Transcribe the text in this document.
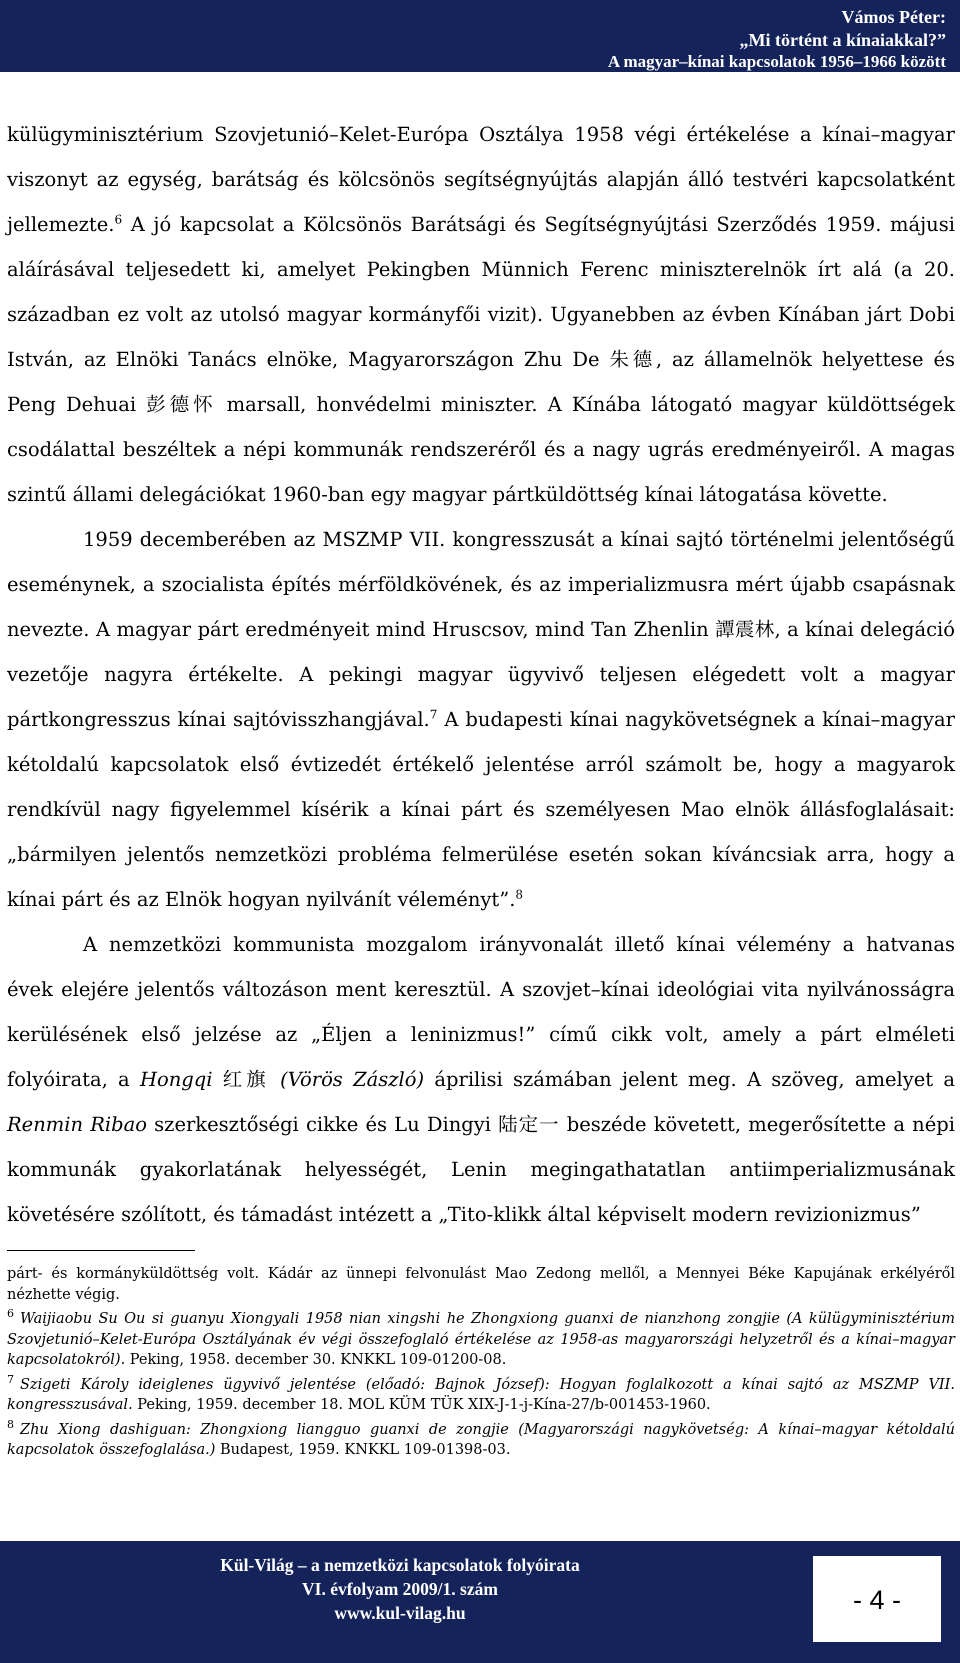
Vámos Péter:
„Mi történt a kínaiakkal?”
A magyar–kínai kapcsolatok 1956–1966 között

külügyminisztérium Szovjetunió–Kelet-Európa Osztálya 1958 végi értékelése a kínai–magyar viszonyt az egység, barátság és kölcsönös segítségnyújtás alapján álló testvéri kapcsolatként jellemezte.$^6$ A jó kapcsolat a Kölcsönös Barátsági és Segítségnyújtási Szerződés 1959. májusi aláírásával teljesedett ki, amelyet Pekingben Münnich Ferenc miniszterelnök írt alá (a 20. században ez volt az utolsó magyar kormányfői vizit). Ugyanebben az évben Kínában járt Dobi István, az Elnöki Tanács elnöke, Magyarországon Zhu De 朱德, az államelnök helyettese és Peng Dehuai 彭德怀 marsall, honvédelmi miniszter. A Kínába látogató magyar küldöttségek csodálattal beszéltek a népi kommunák rendszeréről és a nagy ugrás eredményeiről. A magas szintű állami delegációkat 1960-ban egy magyar pártküldöttség kínai látogatása követte.

1959 decemberében az MSZMP VII. kongresszusát a kínai sajtó történelmi jelentőségű eseménynek, a szocialista építés mérföldkövének, és az imperializmusra mért újabb csapásnak nevezte. A magyar párt eredményeit mind Hruscsov, mind Tan Zhenlin 譚震林, a kínai delegáció vezetője nagyra értékelte. A pekingi magyar ügyvivő teljesen elégedett volt a magyar pártkongresszus kínai sajtóvisszhangjával.$^7$ A budapesti kínai nagykövetségnek a kínai–magyar kétoldalú kapcsolatok első évtizedét értékelő jelentése arról számolt be, hogy a magyarok rendkívül nagy figyelemmel kísérik a kínai párt és személyesen Mao elnök állásfoglalásait: „bármilyen jelentős nemzetközi probléma felmerülése esetén sokan kíváncsiak arra, hogy a kínai párt és az Elnök hogyan nyilvánít véleményt”.$^8$

A nemzetközi kommunista mozgalom irányvonalát illető kínai vélemény a hatvanas évek elejére jelentős változáson ment keresztül. A szovjet–kínai ideológiai vita nyilvánosságra kerülésének első jelzése az „Éljen a leninizmus!” című cikk volt, amely a párt elméleti folyóirata, a Hongqi 红旗 (Vörös Zászló) áprilisi számában jelent meg. A szöveg, amelyet a Renmin Ribao szerkesztőségi cikke és Lu Dingyi 陆定一 beszéde követett, megerősítette a népi kommunák gyakorlatának helyességét, Lenin megingathatatlan antiimperializmusának követésére szólított, és támadást intézett a „Tito-klikk által képviselt modern revizionizmus”

párt- és kormányküldöttség volt. Kádár az ünnepi felvonulást Mao Zedong mellől, a Mennyei Béke Kapujának erkélyéről nézhette végig.

$^6$ Waijiaobu Su Ou si guanyu Xiongyali 1958 nian xingshi he Zhongxiong guanxi de nianzhong zongjie (A külügyminisztérium Szovjetunió–Kelet-Európa Osztályának év végi összefoglaló értékelése az 1958-as magyarországi helyzetről és a kínai–magyar kapcsolatokról). Peking, 1958. december 30. KNKKL 109-01200-08.

$^7$ Szigeti Károly ideiglenes ügyvivő jelentése (előadó: Bajnok József): Hogyan foglalkozott a kínai sajtó az MSZMP VII. kongresszusával. Peking, 1959. december 18. MOL KÜM TÜK XIX-J-1-j-Kína-27/b-001453-1960.

$^8$ Zhu Xiong dashiguan: Zhongxiong liangguo guanxi de zongjie (Magyarországi nagykövetség: A kínai–magyar kétoldalú kapcsolatok összefoglalása.) Budapest, 1959. KNKKL 109-01398-03.

Kül-Világ – a nemzetközi kapcsolatok folyóirata
VI. évfolyam 2009/1. szám
www.kul-vilag.hu	- 4 -
